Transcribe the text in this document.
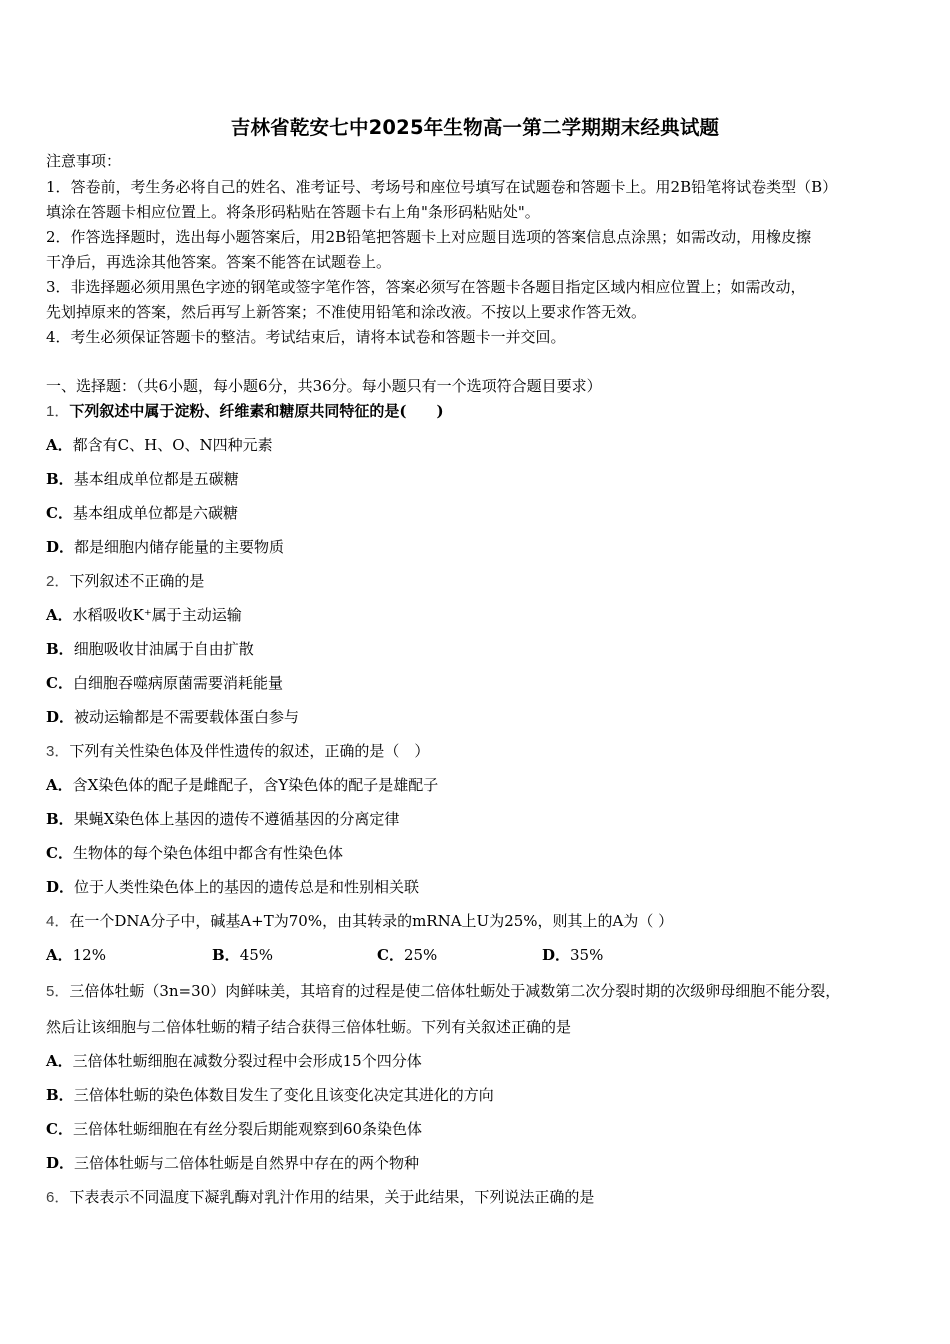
吉林省乾安七中2025年生物高一第二学期期末经典试题
注意事项：
1．答卷前，考生务必将自己的姓名、准考证号、考场号和座位号填写在试题卷和答题卡上。用2B铅笔将试卷类型（B）
填涂在答题卡相应位置上。将条形码粘贴在答题卡右上角"条形码粘贴处"。
2．作答选择题时，选出每小题答案后，用2B铅笔把答题卡上对应题目选项的答案信息点涂黑；如需改动，用橡皮擦
干净后，再选涂其他答案。答案不能答在试题卷上。
3．非选择题必须用黑色字迹的钢笔或签字笔作答，答案必须写在答题卡各题目指定区域内相应位置上；如需改动，
先划掉原来的答案，然后再写上新答案；不准使用铅笔和涂改液。不按以上要求作答无效。
4．考生必须保证答题卡的整洁。考试结束后，请将本试卷和答题卡一并交回。
一、选择题：（共6小题，每小题6分，共36分。每小题只有一个选项符合题目要求）
1．下列叙述中属于淀粉、纤维素和糖原共同特征的是(　　)
A．都含有C、H、O、N四种元素
B．基本组成单位都是五碳糖
C．基本组成单位都是六碳糖
D．都是细胞内储存能量的主要物质
2．下列叙述不正确的是
A．水稻吸收K⁺属于主动运输
B．细胞吸收甘油属于自由扩散
C．白细胞吞噬病原菌需要消耗能量
D．被动运输都是不需要载体蛋白参与
3．下列有关性染色体及伴性遗传的叙述，正确的是（　）
A．含X染色体的配子是雌配子，含Y染色体的配子是雄配子
B．果蝇X染色体上基因的遗传不遵循基因的分离定律
C．生物体的每个染色体组中都含有性染色体
D．位于人类性染色体上的基因的遗传总是和性别相关联
4．在一个DNA分子中，碱基A+T为70%，由其转录的mRNA上U为25%，则其上的A为（ ）
A．12%	B．45%	C．25%	D．35%
5．三倍体牡蛎（3n=30）肉鲜味美，其培育的过程是使二倍体牡蛎处于减数第二次分裂时期的次级卵母细胞不能分裂，
然后让该细胞与二倍体牡蛎的精子结合获得三倍体牡蛎。下列有关叙述正确的是
A．三倍体牡蛎细胞在减数分裂过程中会形成15个四分体
B．三倍体牡蛎的染色体数目发生了变化且该变化决定其进化的方向
C．三倍体牡蛎细胞在有丝分裂后期能观察到60条染色体
D．三倍体牡蛎与二倍体牡蛎是自然界中存在的两个物种
6．下表表示不同温度下凝乳酶对乳汁作用的结果，关于此结果，下列说法正确的是
